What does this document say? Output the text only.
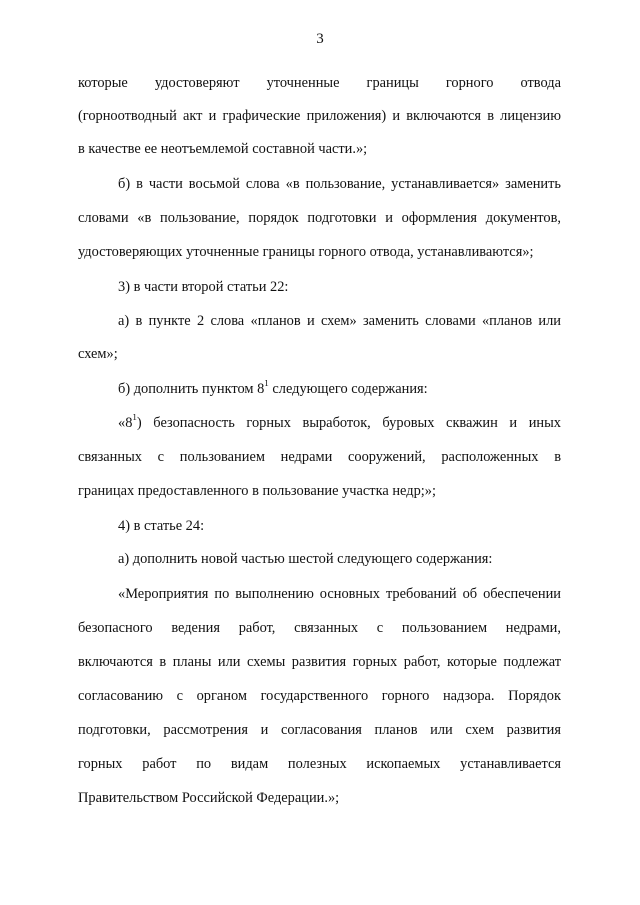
3
которые удостоверяют уточненные границы горного отвода
(горноотводный акт и графические приложения) и включаются в лицензию
в качестве ее неотъемлемой составной части.»;
б) в части восьмой слова «в пользование, устанавливается» заменить
словами «в пользование, порядок подготовки и оформления документов,
удостоверяющих уточненные границы горного отвода, устанавливаются»;
3) в части второй статьи 22:
а) в пункте 2 слова «планов и схем» заменить словами «планов или
схем»;
б) дополнить пунктом $8^1$ следующего содержания:
«$8^1$) безопасность горных выработок, буровых скважин и иных
связанных с пользованием недрами сооружений, расположенных в
границах предоставленного в пользование участка недр;»;
4) в статье 24:
а) дополнить новой частью шестой следующего содержания:
«Мероприятия по выполнению основных требований об обеспечении
безопасного ведения работ, связанных с пользованием недрами,
включаются в планы или схемы развития горных работ, которые подлежат
согласованию с органом государственного горного надзора. Порядок
подготовки, рассмотрения и согласования планов или схем развития
горных работ по видам полезных ископаемых устанавливается
Правительством Российской Федерации.»;
